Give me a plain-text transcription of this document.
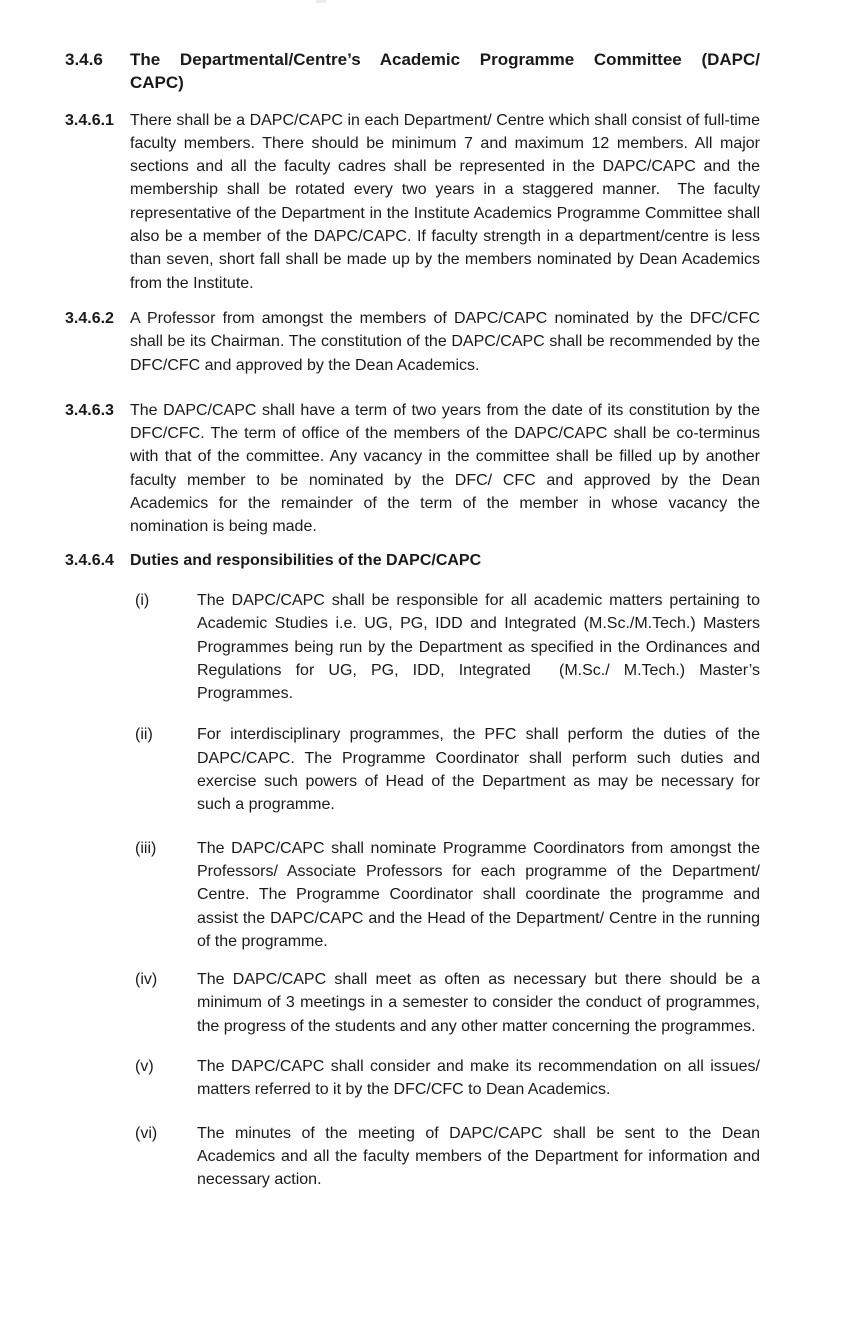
3.4.6 The Departmental/Centre’s Academic Programme Committee (DAPC/
CAPC)
3.4.6.1 There shall be a DAPC/CAPC in each Department/ Centre which shall consist of full-time faculty members. There should be minimum 7 and maximum 12 members. All major sections and all the faculty cadres shall be represented in the DAPC/CAPC and the membership shall be rotated every two years in a staggered manner.  The faculty representative of the Department in the Institute Academics Programme Committee shall also be a member of the DAPC/CAPC. If faculty strength in a department/centre is less than seven, short fall shall be made up by the members nominated by Dean Academics from the Institute.
3.4.6.2 A Professor from amongst the members of DAPC/CAPC nominated by the DFC/CFC shall be its Chairman. The constitution of the DAPC/CAPC shall be recommended by the DFC/CFC and approved by the Dean Academics.
3.4.6.3 The DAPC/CAPC shall have a term of two years from the date of its constitution by the DFC/CFC. The term of office of the members of the DAPC/CAPC shall be co-terminus with that of the committee. Any vacancy in the committee shall be filled up by another faculty member to be nominated by the DFC/ CFC and approved by the Dean Academics for the remainder of the term of the member in whose vacancy the nomination is being made.
3.4.6.4 Duties and responsibilities of the DAPC/CAPC
(i)	The DAPC/CAPC shall be responsible for all academic matters pertaining to Academic Studies i.e. UG, PG, IDD and Integrated (M.Sc./M.Tech.) Masters Programmes being run by the Department as specified in the Ordinances and Regulations for UG, PG, IDD, Integrated  (M.Sc./ M.Tech.) Master’s Programmes.
(ii)	For interdisciplinary programmes, the PFC shall perform the duties of the DAPC/CAPC. The Programme Coordinator shall perform such duties and exercise such powers of Head of the Department as may be necessary for such a programme.
(iii)	The DAPC/CAPC shall nominate Programme Coordinators from amongst the Professors/ Associate Professors for each programme of the Department/ Centre. The Programme Coordinator shall coordinate the programme and assist the DAPC/CAPC and the Head of the Department/ Centre in the running of the programme.
(iv) The DAPC/CAPC shall meet as often as necessary but there should be a minimum of 3 meetings in a semester to consider the conduct of programmes, the progress of the students and any other matter concerning the programmes.
(v)	The DAPC/CAPC shall consider and make its recommendation on all issues/ matters referred to it by the DFC/CFC to Dean Academics.
(vi) The minutes of the meeting of DAPC/CAPC shall be sent to the Dean Academics and all the faculty members of the Department for information and necessary action.
